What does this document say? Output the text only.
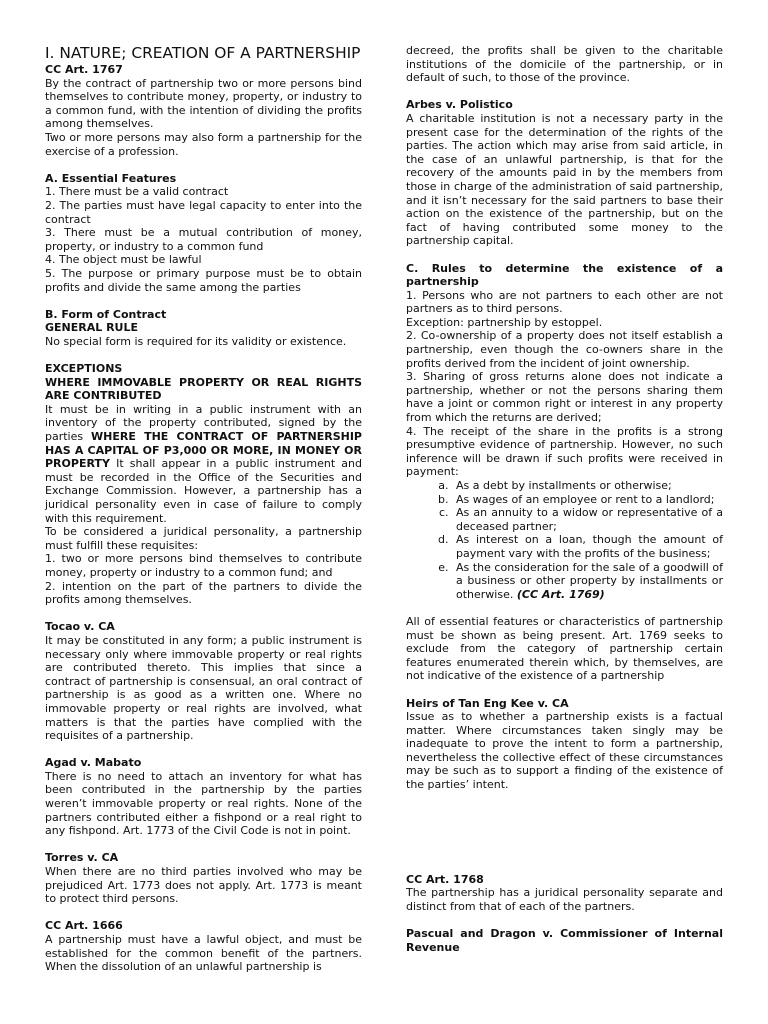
I. NATURE; CREATION OF A PARTNERSHIP

CC Art. 1767

By the contract of partnership two or more persons bind themselves to contribute money, property, or industry to a common fund, with the intention of dividing the profits among themselves.

Two or more persons may also form a partnership for the exercise of a profession.

A. Essential Features

1. There must be a valid contract

2. The parties must have legal capacity to enter into the contract

3. There must be a mutual contribution of money, property, or industry to a common fund

4. The object must be lawful

5. The purpose or primary purpose must be to obtain profits and divide the same among the parties

B. Form of Contract

GENERAL RULE

No special form is required for its validity or existence.

EXCEPTIONS

WHERE IMMOVABLE PROPERTY OR REAL RIGHTS ARE CONTRIBUTED

It must be in writing in a public instrument with an inventory of the property contributed, signed by the parties WHERE THE CONTRACT OF PARTNERSHIP HAS A CAPITAL OF P3,000 OR MORE, IN MONEY OR PROPERTY It shall appear in a public instrument and must be recorded in the Office of the Securities and Exchange Commission. However, a partnership has a juridical personality even in case of failure to comply with this requirement.

To be considered a juridical personality, a partnership must fulfill these requisites:

1. two or more persons bind themselves to contribute money, property or industry to a common fund; and

2. intention on the part of the partners to divide the profits among themselves.

Tocao v. CA

It may be constituted in any form; a public instrument is necessary only where immovable property or real rights are contributed thereto. This implies that since a contract of partnership is consensual, an oral contract of partnership is as good as a written one. Where no immovable property or real rights are involved, what matters is that the parties have complied with the requisites of a partnership.

Agad v. Mabato

There is no need to attach an inventory for what has been contributed in the partnership by the parties weren’t immovable property or real rights. None of the partners contributed either a fishpond or a real right to any fishpond. Art. 1773 of the Civil Code is not in point.

Torres v. CA

When there are no third parties involved who may be prejudiced Art. 1773 does not apply. Art. 1773 is meant to protect third persons.

CC Art. 1666

A partnership must have a lawful object, and must be established for the common benefit of the partners. When the dissolution of an unlawful partnership is

decreed, the profits shall be given to the charitable institutions of the domicile of the partnership, or in default of such, to those of the province.

Arbes v. Polistico

A charitable institution is not a necessary party in the present case for the determination of the rights of the parties. The action which may arise from said article, in the case of an unlawful partnership, is that for the recovery of the amounts paid in by the members from those in charge of the administration of said partnership, and it isn’t necessary for the said partners to base their action on the existence of the partnership, but on the fact of having contributed some money to the partnership capital.

C. Rules to determine the existence of a partnership

1. Persons who are not partners to each other are not partners as to third persons.

Exception: partnership by estoppel.

2. Co-ownership of a property does not itself establish a partnership, even though the co-owners share in the profits derived from the incident of joint ownership.

3. Sharing of gross returns alone does not indicate a partnership, whether or not the persons sharing them have a joint or common right or interest in any property from which the returns are derived;

4. The receipt of the share in the profits is a strong presumptive evidence of partnership. However, no such inference will be drawn if such profits were received in payment:

a. As a debt by installments or otherwise;
b. As wages of an employee or rent to a landlord;
c. As an annuity to a widow or representative of a deceased partner;
d. As interest on a loan, though the amount of payment vary with the profits of the business;
e. As the consideration for the sale of a goodwill of a business or other property by installments or otherwise. (CC Art. 1769)

All of essential features or characteristics of partnership must be shown as being present. Art. 1769 seeks to exclude from the category of partnership certain features enumerated therein which, by themselves, are not indicative of the existence of a partnership

Heirs of Tan Eng Kee v. CA

Issue as to whether a partnership exists is a factual matter. Where circumstances taken singly may be inadequate to prove the intent to form a partnership, nevertheless the collective effect of these circumstances may be such as to support a finding of the existence of the parties’ intent.

CC Art. 1768

The partnership has a juridical personality separate and distinct from that of each of the partners.

Pascual and Dragon v. Commissioner of Internal Revenue
